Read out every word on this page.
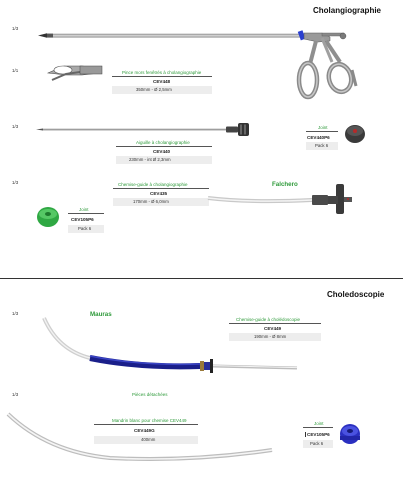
Cholangiographie
1/3
1/1	Pince mors fenêtrés à cholangiographie
CEV448
350mm - Ø 2,5mm
1/3
Aiguille à cholangiographie
CEV440
230mm - int Ø 2,3mm
Joint
CEV440P6
Pack 6
1/3	Chemise-guide à cholangiographie
CEV435
170mm - Ø 6,0mm
Falchero
Joint
CEV105P6
Pack 6
Choledoscopie
1/3	Mauras
Chemise-guide à cholédoscopie
CEV449
190mm - Ø 8mm
1/3	Pièces détachées
Mandrin blanc pour chemise CEV449
CEV449G
400mm
Joint
CEV105P6
Pack 6
